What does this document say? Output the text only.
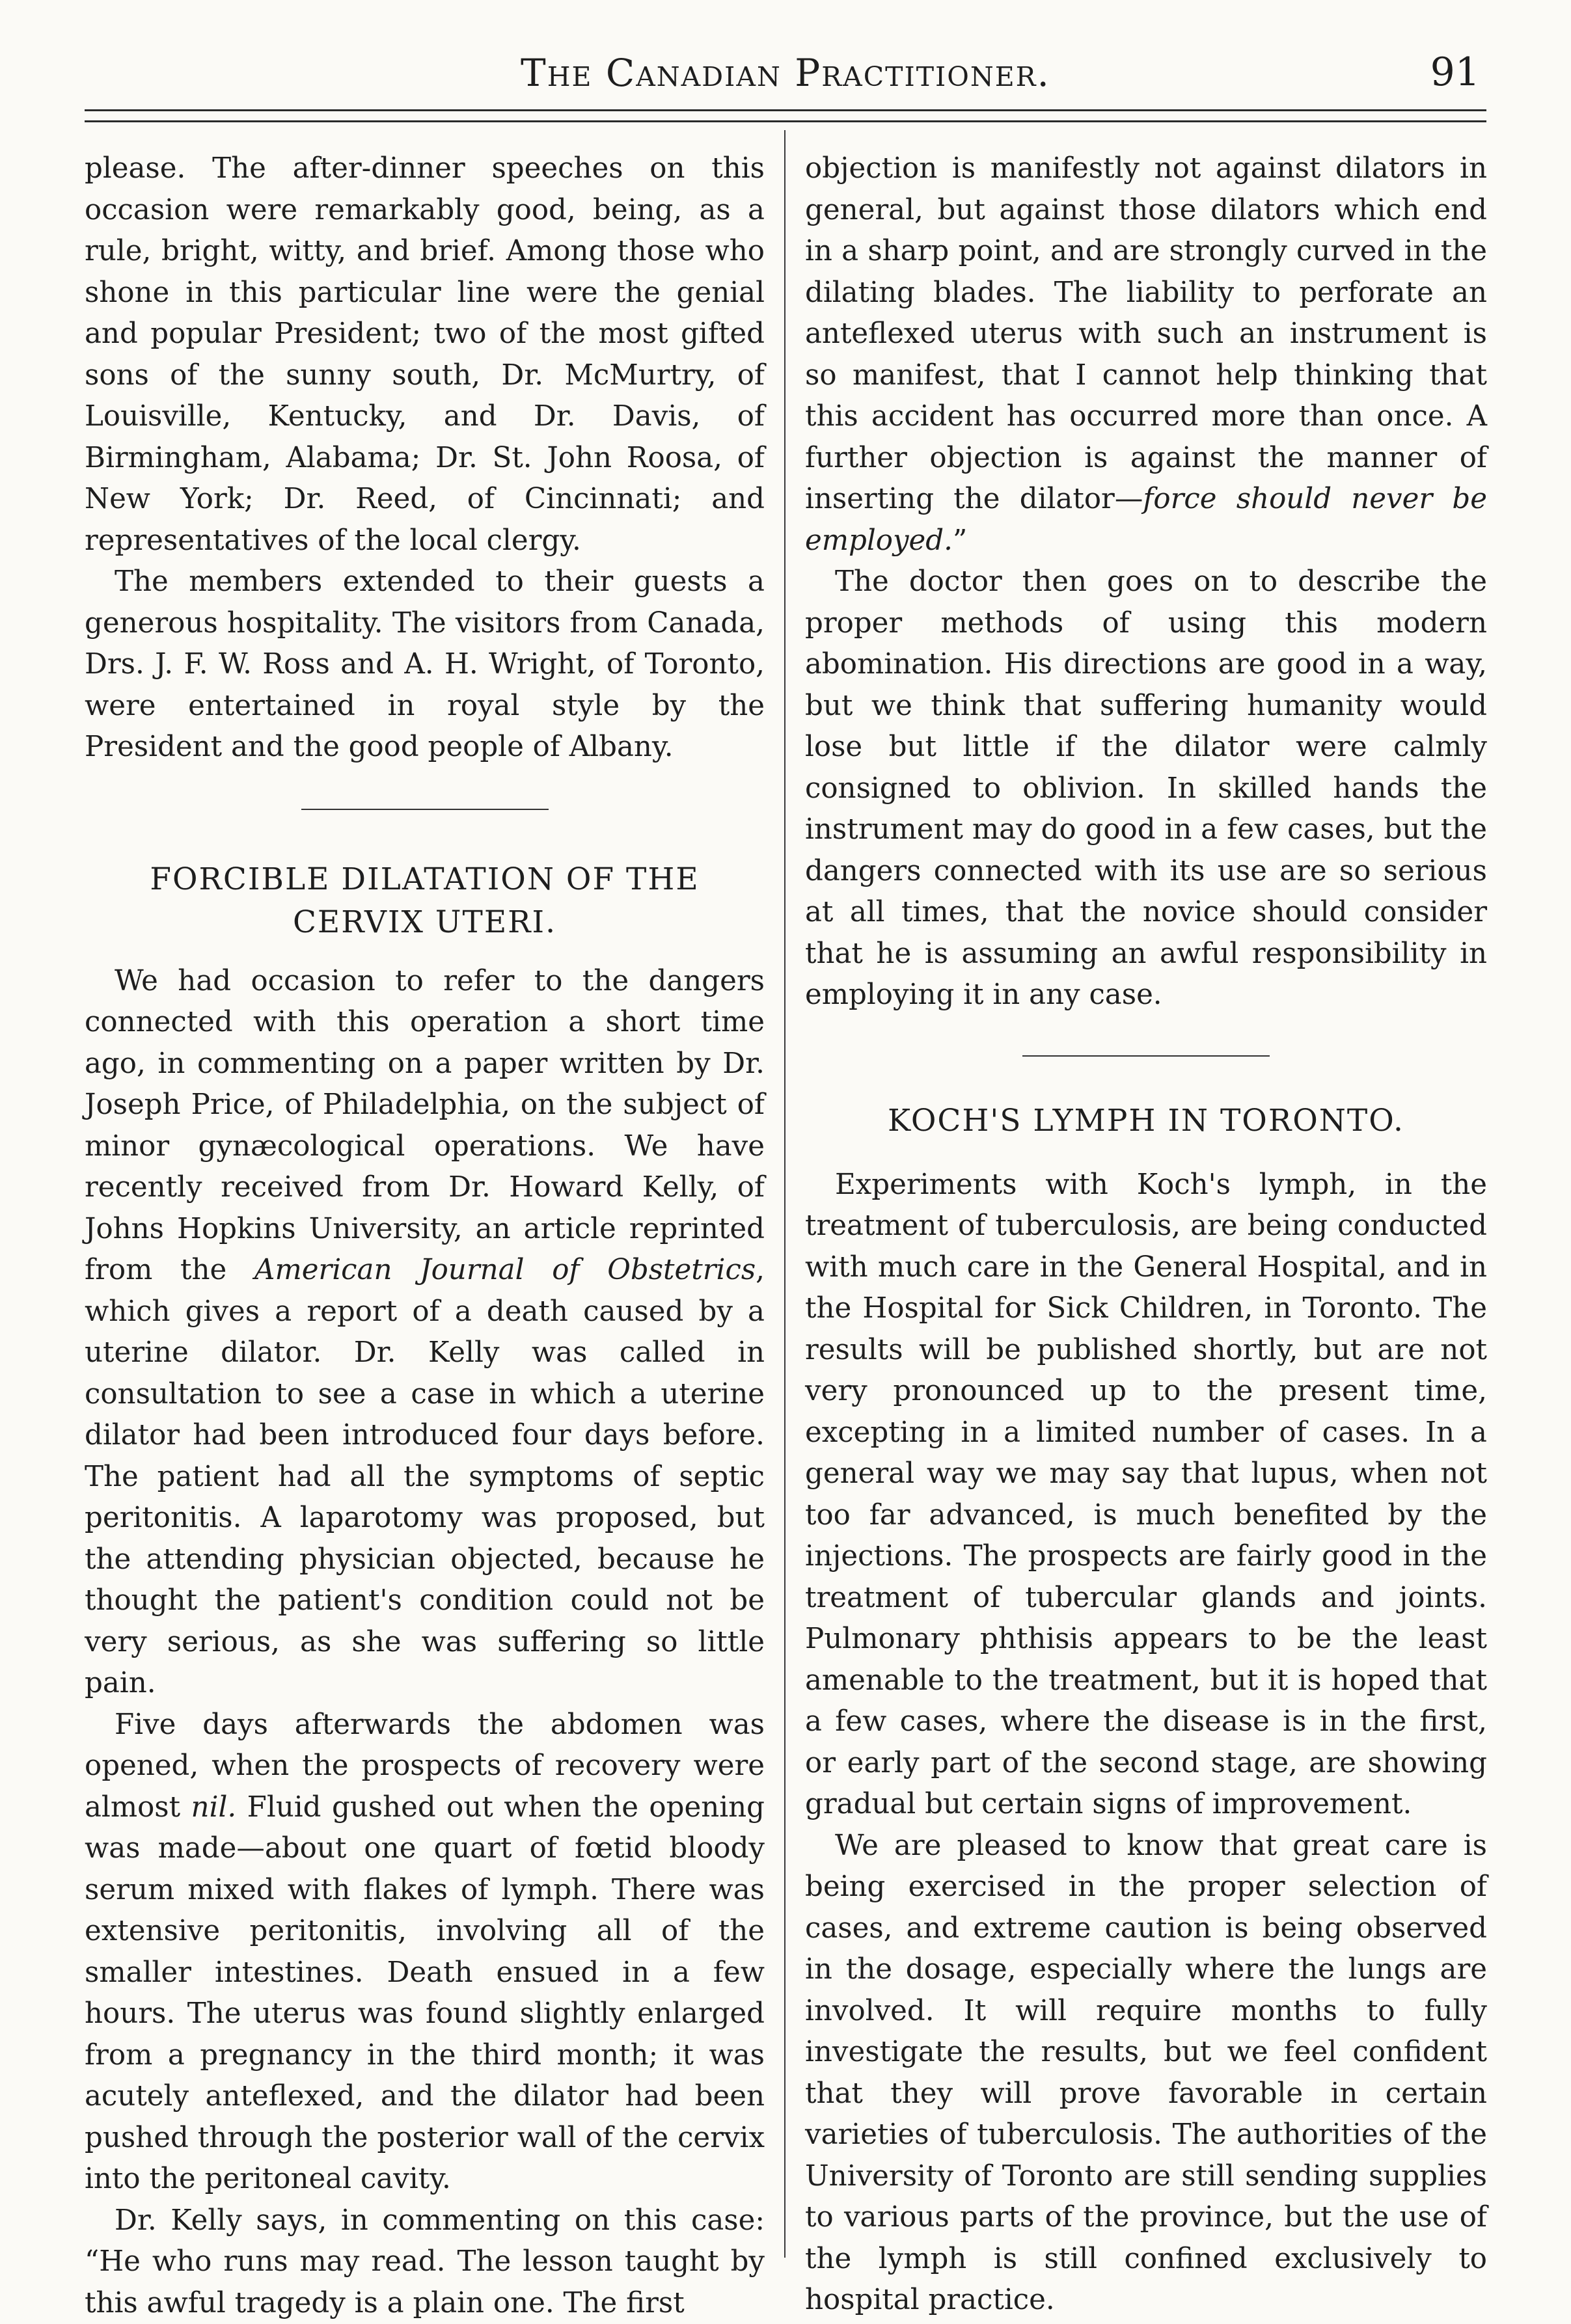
The Canadian Practitioner.	91

please. The after-dinner speeches on this occasion were remarkably good, being, as a rule, bright, witty, and brief. Among those who shone in this particular line were the genial and popular President; two of the most gifted sons of the sunny south, Dr. McMurtry, of Louisville, Kentucky, and Dr. Davis, of Birmingham, Alabama; Dr. St. John Roosa, of New York; Dr. Reed, of Cincinnati; and representatives of the local clergy.

The members extended to their guests a generous hospitality. The visitors from Canada, Drs. J. F. W. Ross and A. H. Wright, of Toronto, were entertained in royal style by the President and the good people of Albany.

FORCIBLE DILATATION OF THE CERVIX UTERI.

We had occasion to refer to the dangers connected with this operation a short time ago, in commenting on a paper written by Dr. Joseph Price, of Philadelphia, on the subject of minor gynæcological operations. We have recently received from Dr. Howard Kelly, of Johns Hopkins University, an article reprinted from the American Journal of Obstetrics, which gives a report of a death caused by a uterine dilator. Dr. Kelly was called in consultation to see a case in which a uterine dilator had been introduced four days before. The patient had all the symptoms of septic peritonitis. A laparotomy was proposed, but the attending physician objected, because he thought the patient's condition could not be very serious, as she was suffering so little pain.

Five days afterwards the abdomen was opened, when the prospects of recovery were almost nil. Fluid gushed out when the opening was made—about one quart of fœtid bloody serum mixed with flakes of lymph. There was extensive peritonitis, involving all of the smaller intestines. Death ensued in a few hours. The uterus was found slightly enlarged from a pregnancy in the third month; it was acutely anteflexed, and the dilator had been pushed through the posterior wall of the cervix into the peritoneal cavity.

Dr. Kelly says, in commenting on this case: “He who runs may read. The lesson taught by this awful tragedy is a plain one. The first

objection is manifestly not against dilators in general, but against those dilators which end in a sharp point, and are strongly curved in the dilating blades. The liability to perforate an anteflexed uterus with such an instrument is so manifest, that I cannot help thinking that this accident has occurred more than once. A further objection is against the manner of inserting the dilator—force should never be employed.”

The doctor then goes on to describe the proper methods of using this modern abomination. His directions are good in a way, but we think that suffering humanity would lose but little if the dilator were calmly consigned to oblivion. In skilled hands the instrument may do good in a few cases, but the dangers connected with its use are so serious at all times, that the novice should consider that he is assuming an awful responsibility in employing it in any case.

KOCH'S LYMPH IN TORONTO.

Experiments with Koch's lymph, in the treatment of tuberculosis, are being conducted with much care in the General Hospital, and in the Hospital for Sick Children, in Toronto. The results will be published shortly, but are not very pronounced up to the present time, excepting in a limited number of cases. In a general way we may say that lupus, when not too far advanced, is much benefited by the injections. The prospects are fairly good in the treatment of tubercular glands and joints. Pulmonary phthisis appears to be the least amenable to the treatment, but it is hoped that a few cases, where the disease is in the first, or early part of the second stage, are showing gradual but certain signs of improvement.

We are pleased to know that great care is being exercised in the proper selection of cases, and extreme caution is being observed in the dosage, especially where the lungs are involved. It will require months to fully investigate the results, but we feel confident that they will prove favorable in certain varieties of tuberculosis. The authorities of the University of Toronto are still sending supplies to various parts of the province, but the use of the lymph is still confined exclusively to hospital practice.
